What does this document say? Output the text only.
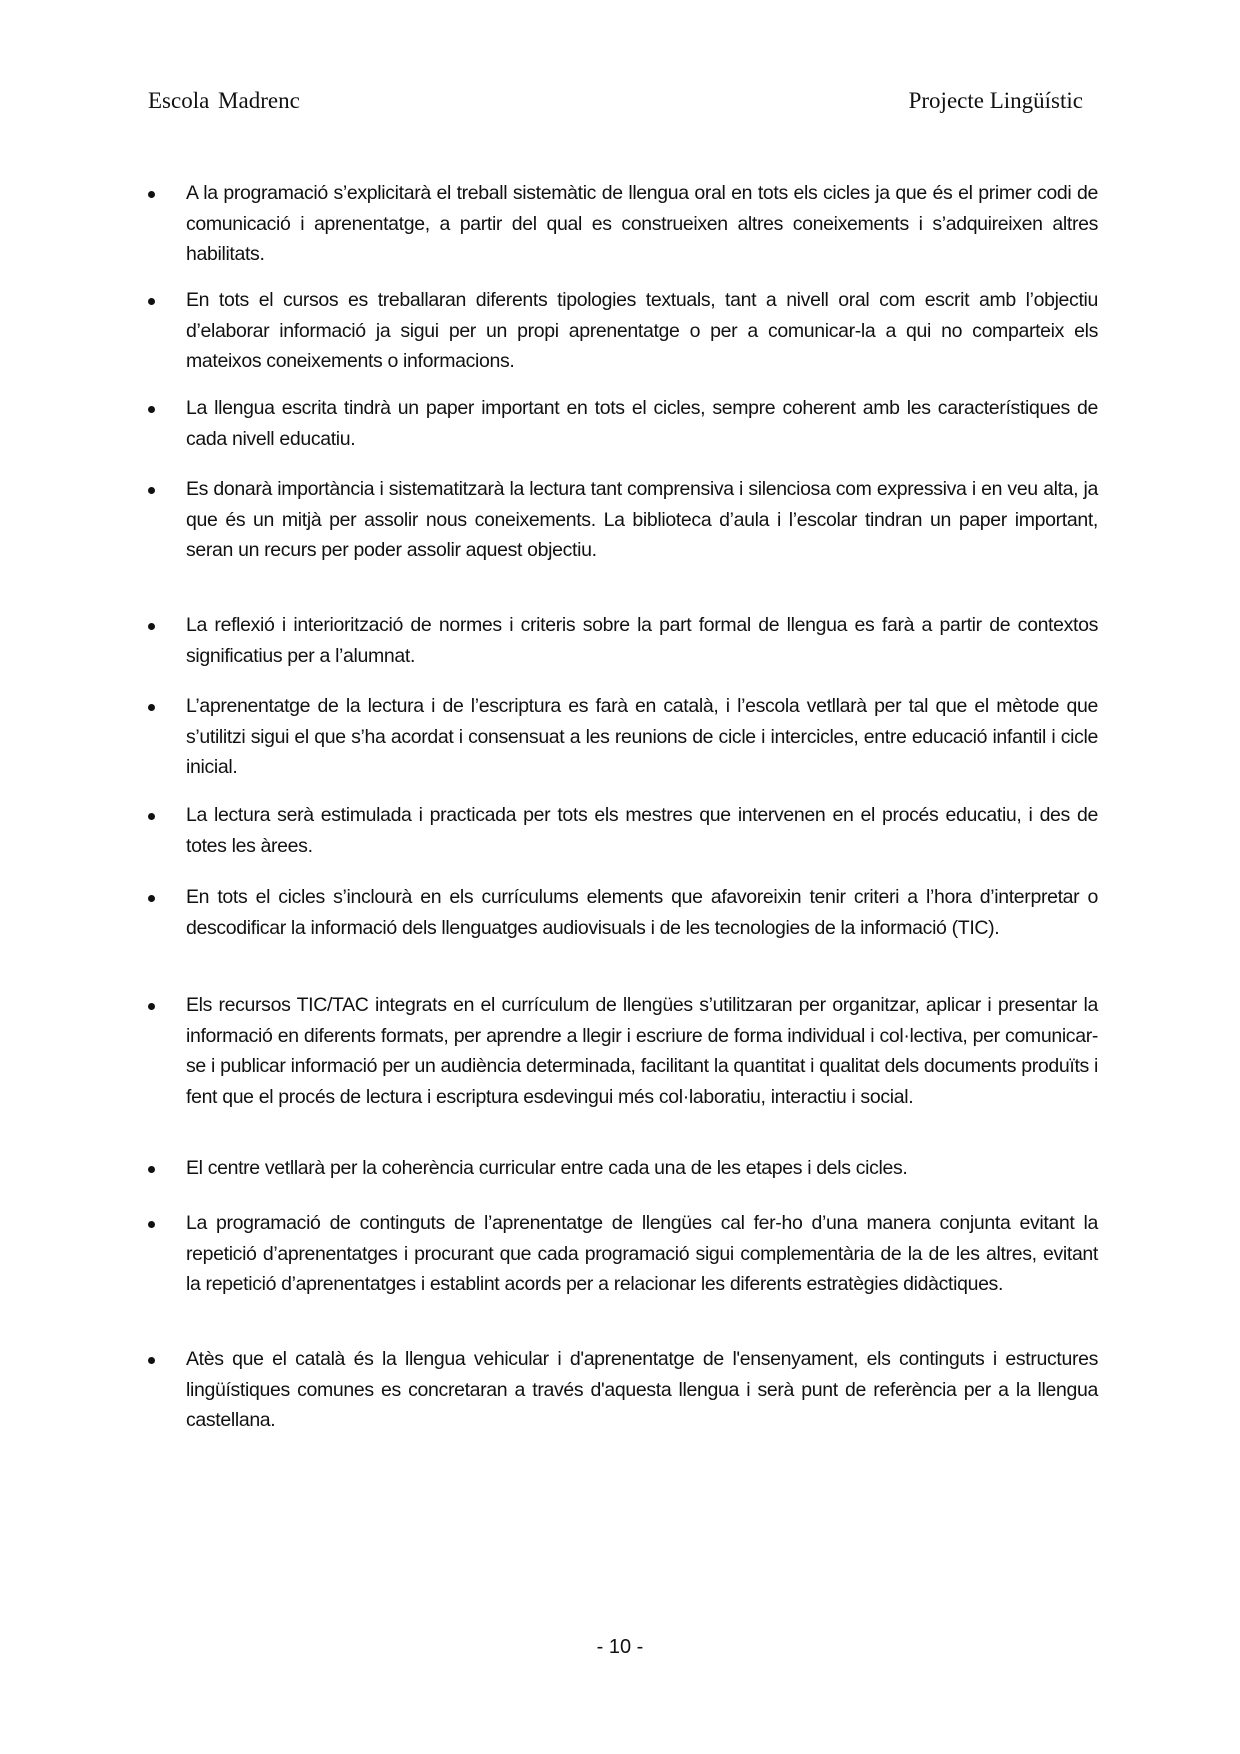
Escola Madrenc	Projecte Lingüístic
A la programació s’explicitarà el treball sistemàtic de llengua oral en tots els cicles ja que és el primer codi de comunicació i aprenentatge, a partir del qual es construeixen altres coneixements i s’adquireixen altres habilitats.
En tots el cursos es treballaran diferents tipologies textuals, tant a nivell oral com escrit amb l’objectiu d’elaborar informació ja sigui per un propi aprenentatge o per a comunicar-la a qui no comparteix els mateixos coneixements o informacions.
La llengua escrita tindrà un paper important en tots el cicles, sempre coherent amb les característiques de cada nivell educatiu.
Es donarà importància i sistematitzarà la lectura tant comprensiva i silenciosa com expressiva i en veu alta, ja que és un mitjà per assolir nous coneixements. La biblioteca d’aula i l’escolar tindran un paper important, seran un recurs per poder assolir aquest objectiu.
La reflexió i interiorització de normes i criteris sobre la part formal de llengua es farà a partir de contextos significatius per a l’alumnat.
L’aprenentatge de la lectura i de l’escriptura es farà en català, i l’escola vetllarà per tal que el mètode que s’utilitzi sigui el que s’ha acordat i consensuat a les reunions de cicle i intercicles, entre educació infantil i cicle inicial.
La lectura serà estimulada i practicada per tots els mestres que intervenen en el procés educatiu, i des de totes les àrees.
En tots el cicles s’inclourà en els currículums elements que afavoreixin tenir criteri a l’hora d’interpretar o descodificar la informació dels llenguatges audiovisuals i de les tecnologies de la informació (TIC).
Els recursos TIC/TAC integrats en el currículum de llengües s’utilitzaran per organitzar, aplicar i presentar la informació en diferents formats, per aprendre a llegir i escriure de forma individual i col·lectiva, per comunicar-se i publicar informació per un audiència determinada, facilitant la quantitat i qualitat dels documents produïts i fent que el procés de lectura i escriptura esdevingui més col·laboratiu, interactiu i social.
El centre vetllarà per la coherència curricular entre cada una de les etapes i dels cicles.
La programació de continguts de l’aprenentatge de llengües cal fer-ho d’una manera conjunta evitant la repetició d’aprenentatges i procurant que cada programació sigui complementària de la de les altres, evitant la repetició d’aprenentatges i establint acords per a relacionar les diferents estratègies didàctiques.
Atès que el català és la llengua vehicular i d'aprenentatge de l'ensenyament, els continguts i estructures lingüístiques comunes es concretaran a través d'aquesta llengua i serà punt de referència per a la llengua castellana.
- 10 -
